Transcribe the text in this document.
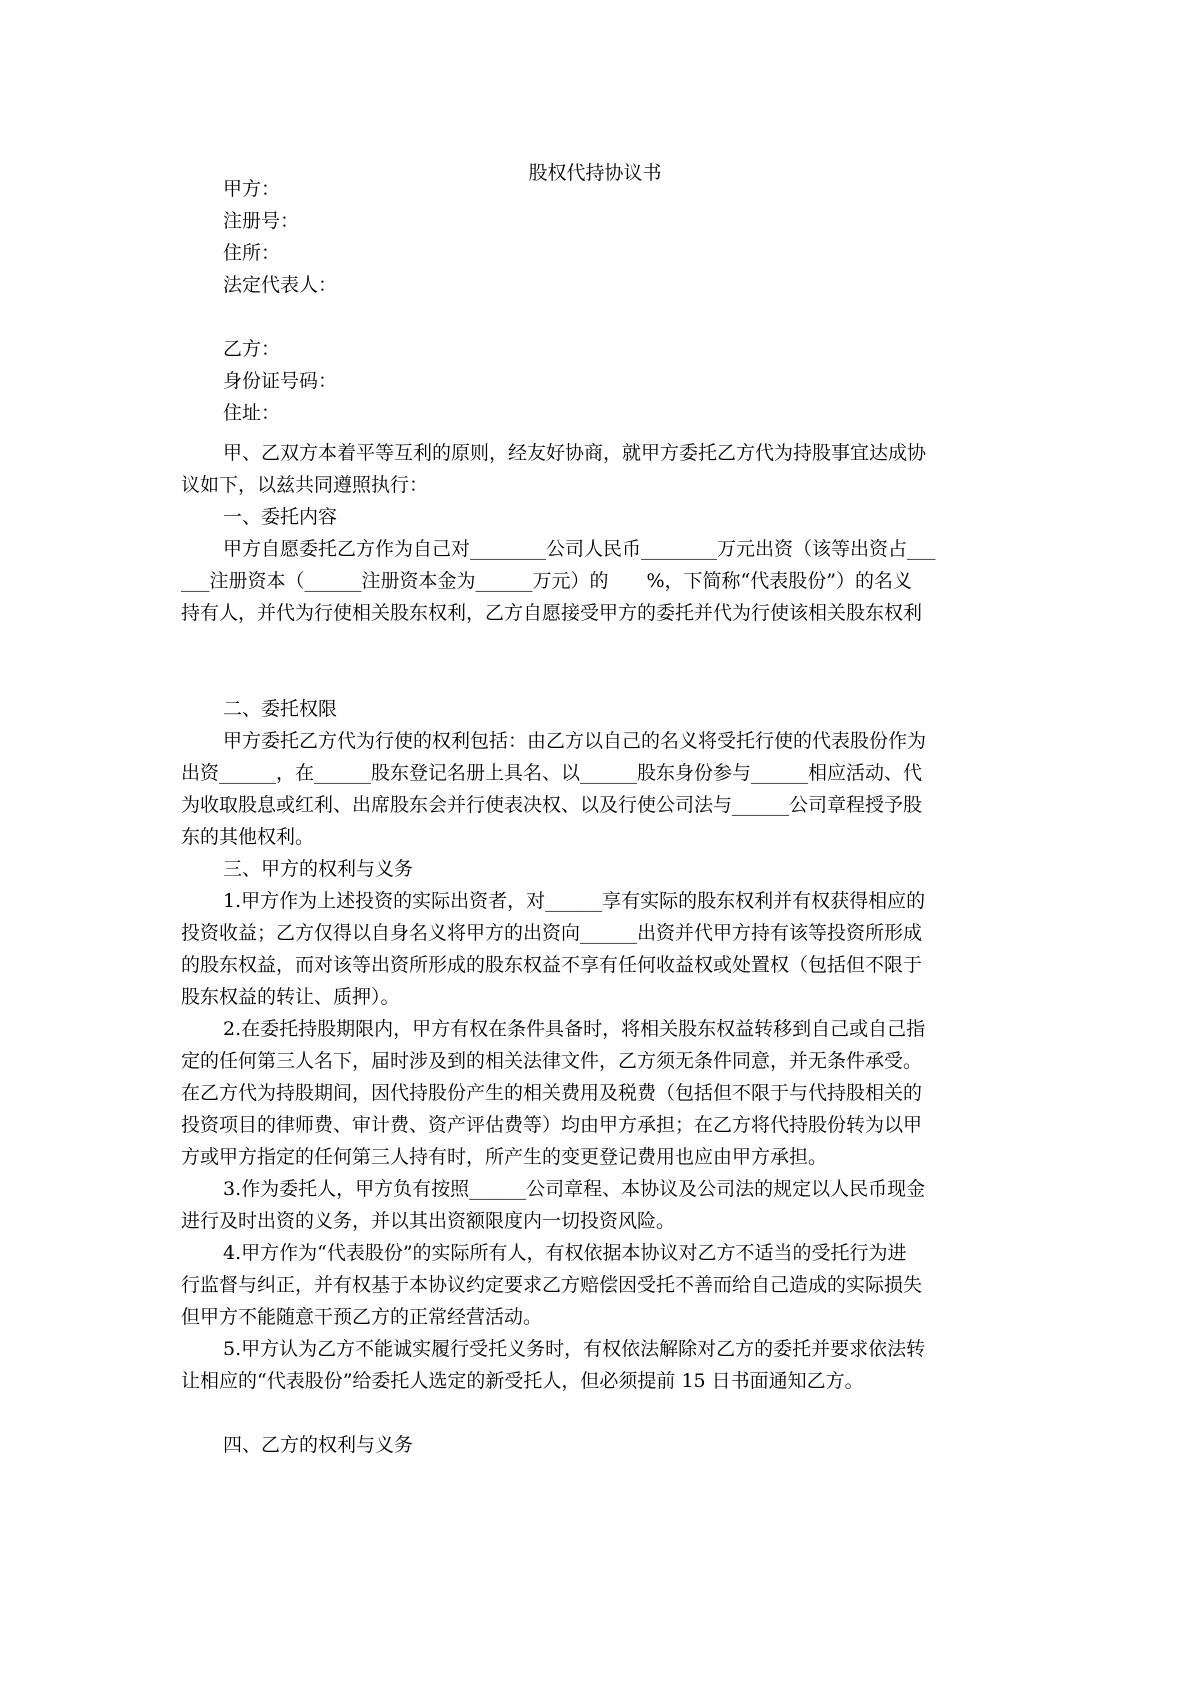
股权代持协议书
甲方：
注册号：
住所：
法定代表人：
乙方：
身份证号码：
住址：
甲、乙双方本着平等互利的原则，经友好协商，就甲方委托乙方代为持股事宜达成协
议如下，以兹共同遵照执行：
一、委托内容
甲方自愿委托乙方作为自己对________公司人民币________万元出资（该等出资占___
___注册资本（______注册资本金为______万元）的　　%，下简称“代表股份”）的名义
持有人，并代为行使相关股东权利，乙方自愿接受甲方的委托并代为行使该相关股东权利
二、委托权限
甲方委托乙方代为行使的权利包括：由乙方以自己的名义将受托行使的代表股份作为
出资______，在______股东登记名册上具名、以______股东身份参与______相应活动、代
为收取股息或红利、出席股东会并行使表决权、以及行使公司法与______公司章程授予股
东的其他权利。
三、甲方的权利与义务
1.甲方作为上述投资的实际出资者，对______享有实际的股东权利并有权获得相应的
投资收益；乙方仅得以自身名义将甲方的出资向______出资并代甲方持有该等投资所形成
的股东权益，而对该等出资所形成的股东权益不享有任何收益权或处置权（包括但不限于
股东权益的转让、质押）。
2.在委托持股期限内，甲方有权在条件具备时，将相关股东权益转移到自己或自己指
定的任何第三人名下，届时涉及到的相关法律文件，乙方须无条件同意，并无条件承受。
在乙方代为持股期间，因代持股份产生的相关费用及税费（包括但不限于与代持股相关的
投资项目的律师费、审计费、资产评估费等）均由甲方承担；在乙方将代持股份转为以甲
方或甲方指定的任何第三人持有时，所产生的变更登记费用也应由甲方承担。
3.作为委托人，甲方负有按照______公司章程、本协议及公司法的规定以人民币现金
进行及时出资的义务，并以其出资额限度内一切投资风险。
4.甲方作为“代表股份”的实际所有人，有权依据本协议对乙方不适当的受托行为进
行监督与纠正，并有权基于本协议约定要求乙方赔偿因受托不善而给自己造成的实际损失
但甲方不能随意干预乙方的正常经营活动。
5.甲方认为乙方不能诚实履行受托义务时，有权依法解除对乙方的委托并要求依法转
让相应的“代表股份”给委托人选定的新受托人，但必须提前 15 日书面通知乙方。
四、乙方的权利与义务
